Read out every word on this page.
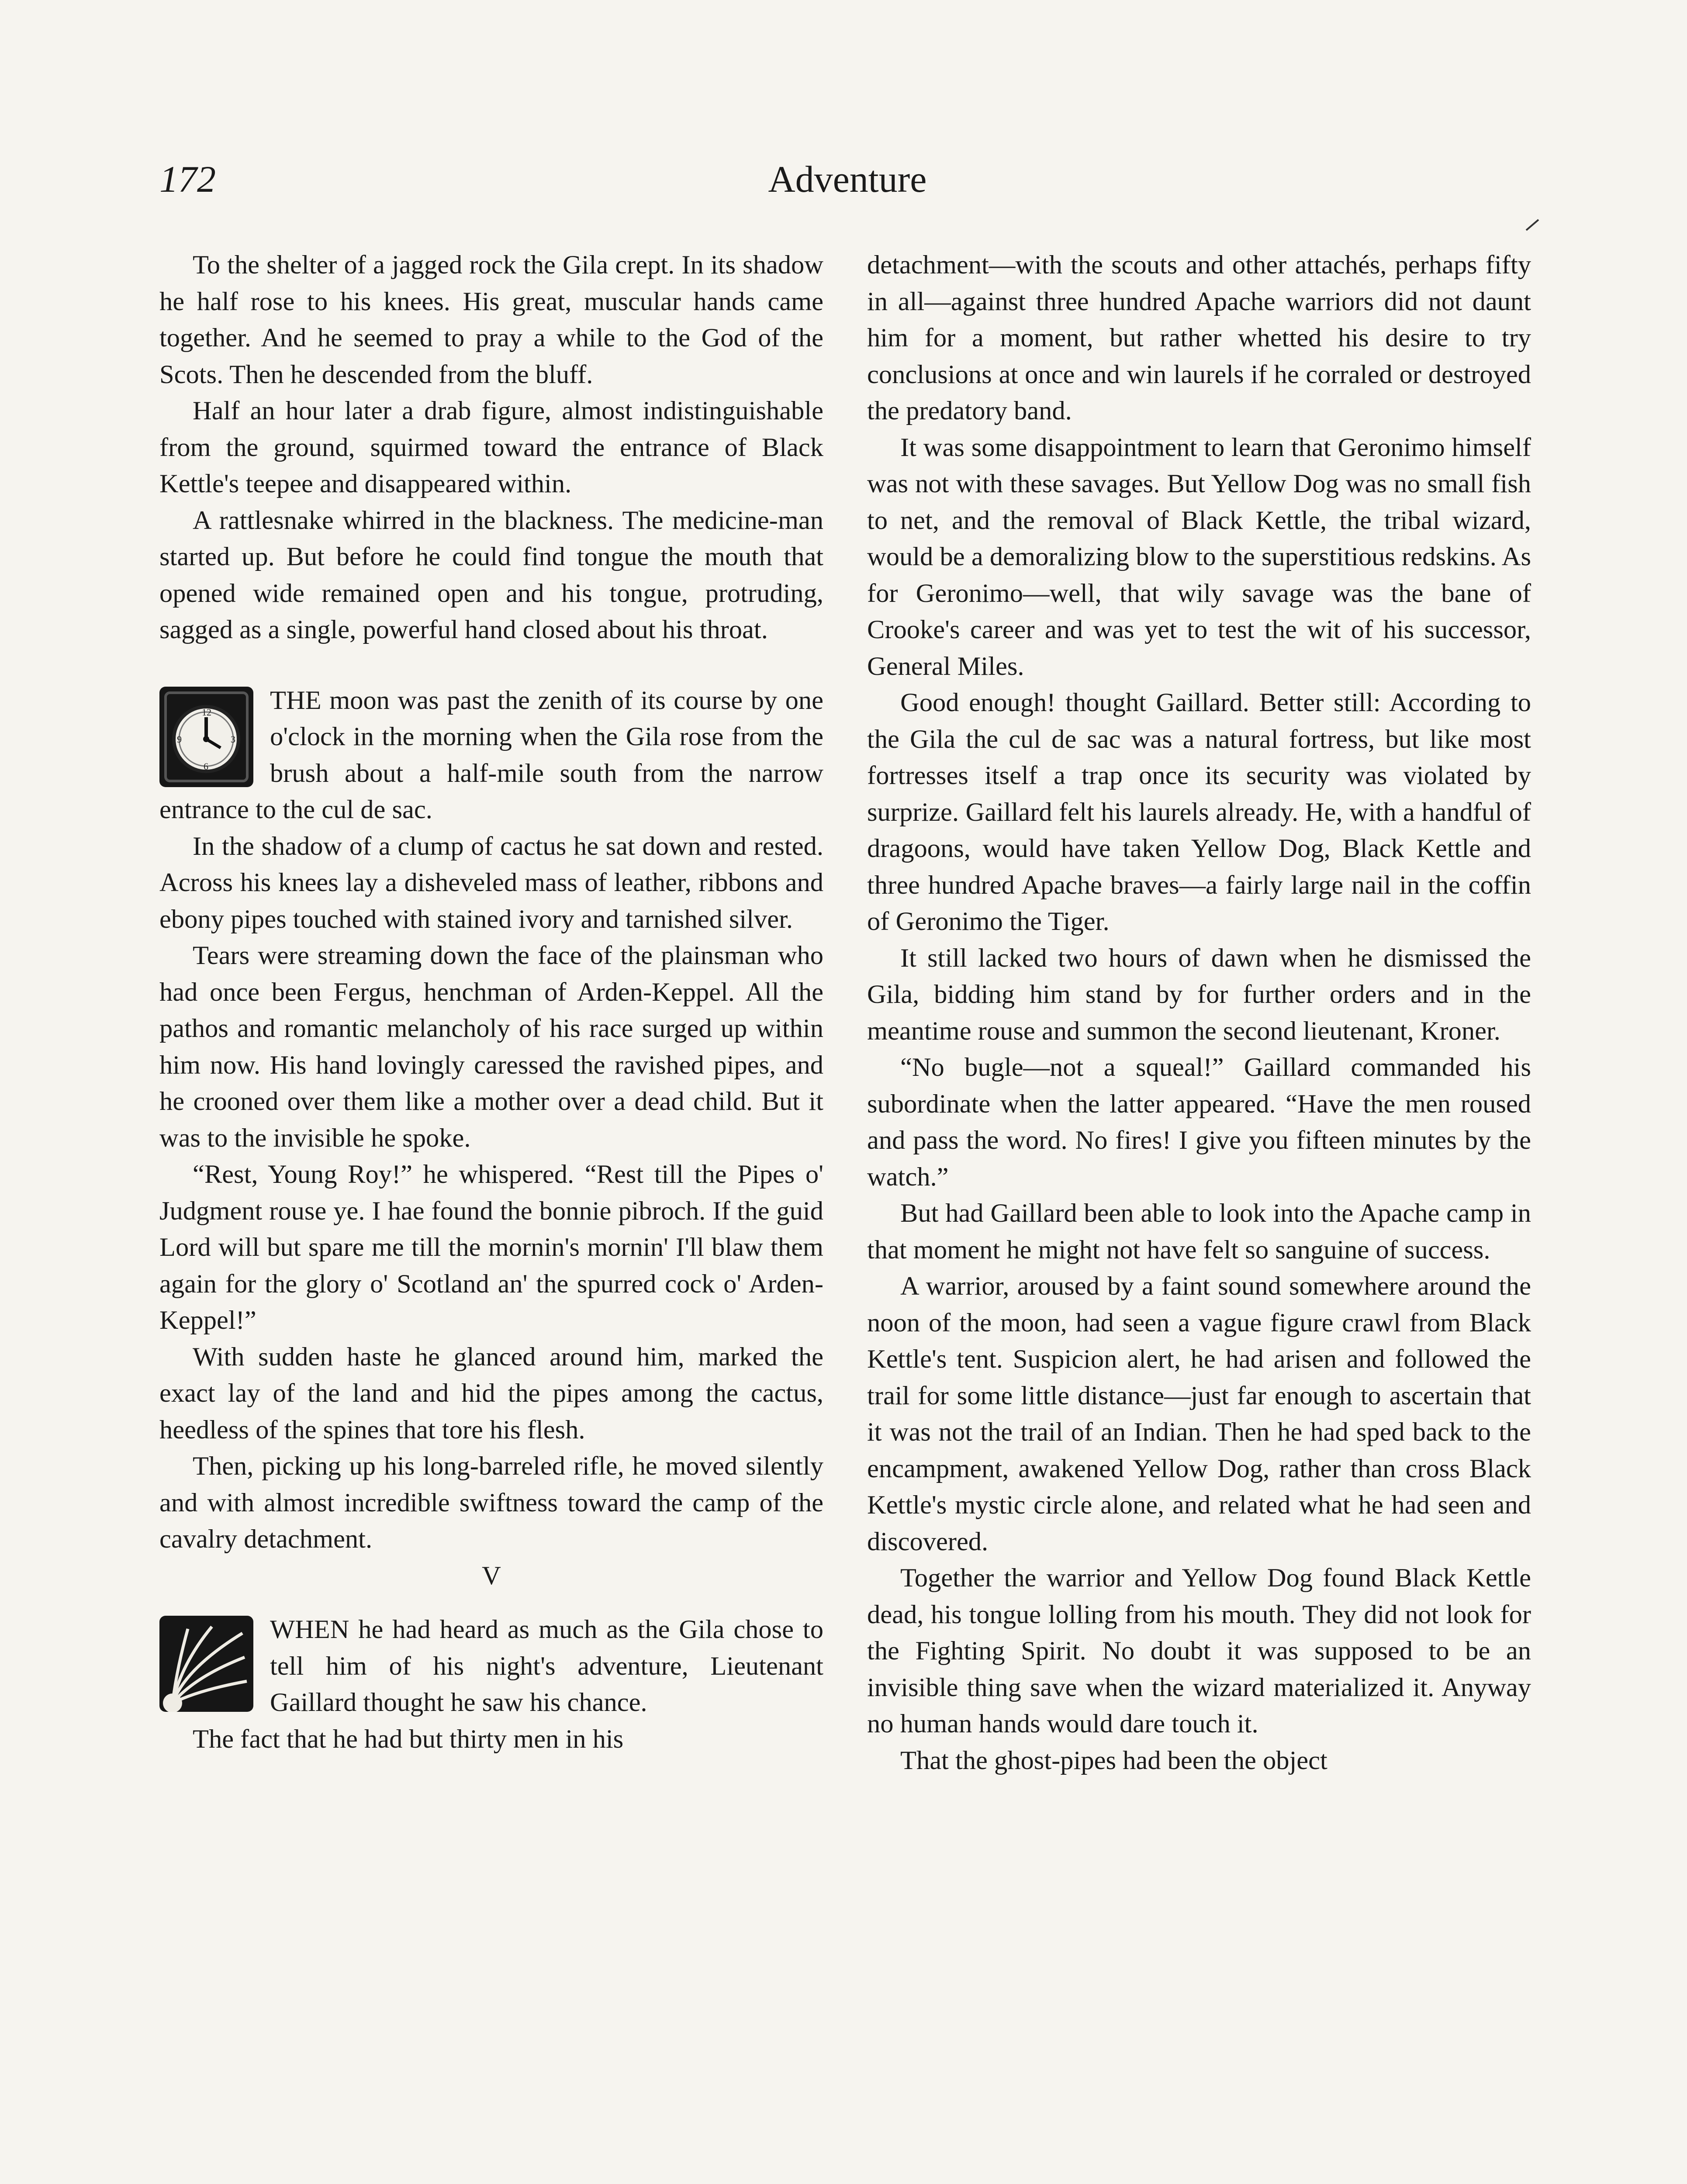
172	Adventure

To the shelter of a jagged rock the Gila crept. In its shadow he half rose to his knees. His great, muscular hands came together. And he seemed to pray a while to the God of the Scots. Then he descended from the bluff.

Half an hour later a drab figure, almost indistinguishable from the ground, squirmed toward the entrance of Black Kettle's teepee and disappeared within.

A rattlesnake whirred in the blackness. The medicine-man started up. But before he could find tongue the mouth that opened wide remained open and his tongue, protruding, sagged as a single, powerful hand closed about his throat.

12
3
6
9

THE moon was past the zenith of its course by one o'clock in the morning when the Gila rose from the brush about a half-mile south from the narrow entrance to the cul de sac.

In the shadow of a clump of cactus he sat down and rested. Across his knees lay a disheveled mass of leather, ribbons and ebony pipes touched with stained ivory and tarnished silver.

Tears were streaming down the face of the plainsman who had once been Fergus, henchman of Arden-Keppel. All the pathos and romantic melancholy of his race surged up within him now. His hand lovingly caressed the ravished pipes, and he crooned over them like a mother over a dead child. But it was to the invisible he spoke.

“Rest, Young Roy!” he whispered. “Rest till the Pipes o' Judgment rouse ye. I hae found the bonnie pibroch. If the guid Lord will but spare me till the mornin's mornin' I'll blaw them again for the glory o' Scotland an' the spurred cock o' Arden-Keppel!”

With sudden haste he glanced around him, marked the exact lay of the land and hid the pipes among the cactus, heedless of the spines that tore his flesh.

Then, picking up his long-barreled rifle, he moved silently and with almost incredible swiftness toward the camp of the cavalry detachment.

V

WHEN he had heard as much as the Gila chose to tell him of his night's adventure, Lieutenant Gaillard thought he saw his chance.

The fact that he had but thirty men in his

detachment—with the scouts and other attachés, perhaps fifty in all—against three hundred Apache warriors did not daunt him for a moment, but rather whetted his desire to try conclusions at once and win laurels if he corraled or destroyed the predatory band.

It was some disappointment to learn that Geronimo himself was not with these savages. But Yellow Dog was no small fish to net, and the removal of Black Kettle, the tribal wizard, would be a demoralizing blow to the superstitious redskins. As for Geronimo—well, that wily savage was the bane of Crooke's career and was yet to test the wit of his successor, General Miles.

Good enough! thought Gaillard. Better still: According to the Gila the cul de sac was a natural fortress, but like most fortresses itself a trap once its security was violated by surprize. Gaillard felt his laurels already. He, with a handful of dragoons, would have taken Yellow Dog, Black Kettle and three hundred Apache braves—a fairly large nail in the coffin of Geronimo the Tiger.

It still lacked two hours of dawn when he dismissed the Gila, bidding him stand by for further orders and in the meantime rouse and summon the second lieutenant, Kroner.

“No bugle—not a squeal!” Gaillard commanded his subordinate when the latter appeared. “Have the men roused and pass the word. No fires! I give you fifteen minutes by the watch.”

But had Gaillard been able to look into the Apache camp in that moment he might not have felt so sanguine of success.

A warrior, aroused by a faint sound somewhere around the noon of the moon, had seen a vague figure crawl from Black Kettle's tent. Suspicion alert, he had arisen and followed the trail for some little distance—just far enough to ascertain that it was not the trail of an Indian. Then he had sped back to the encampment, awakened Yellow Dog, rather than cross Black Kettle's mystic circle alone, and related what he had seen and discovered.

Together the warrior and Yellow Dog found Black Kettle dead, his tongue lolling from his mouth. They did not look for the Fighting Spirit. No doubt it was supposed to be an invisible thing save when the wizard materialized it. Anyway no human hands would dare touch it.

That the ghost-pipes had been the object
